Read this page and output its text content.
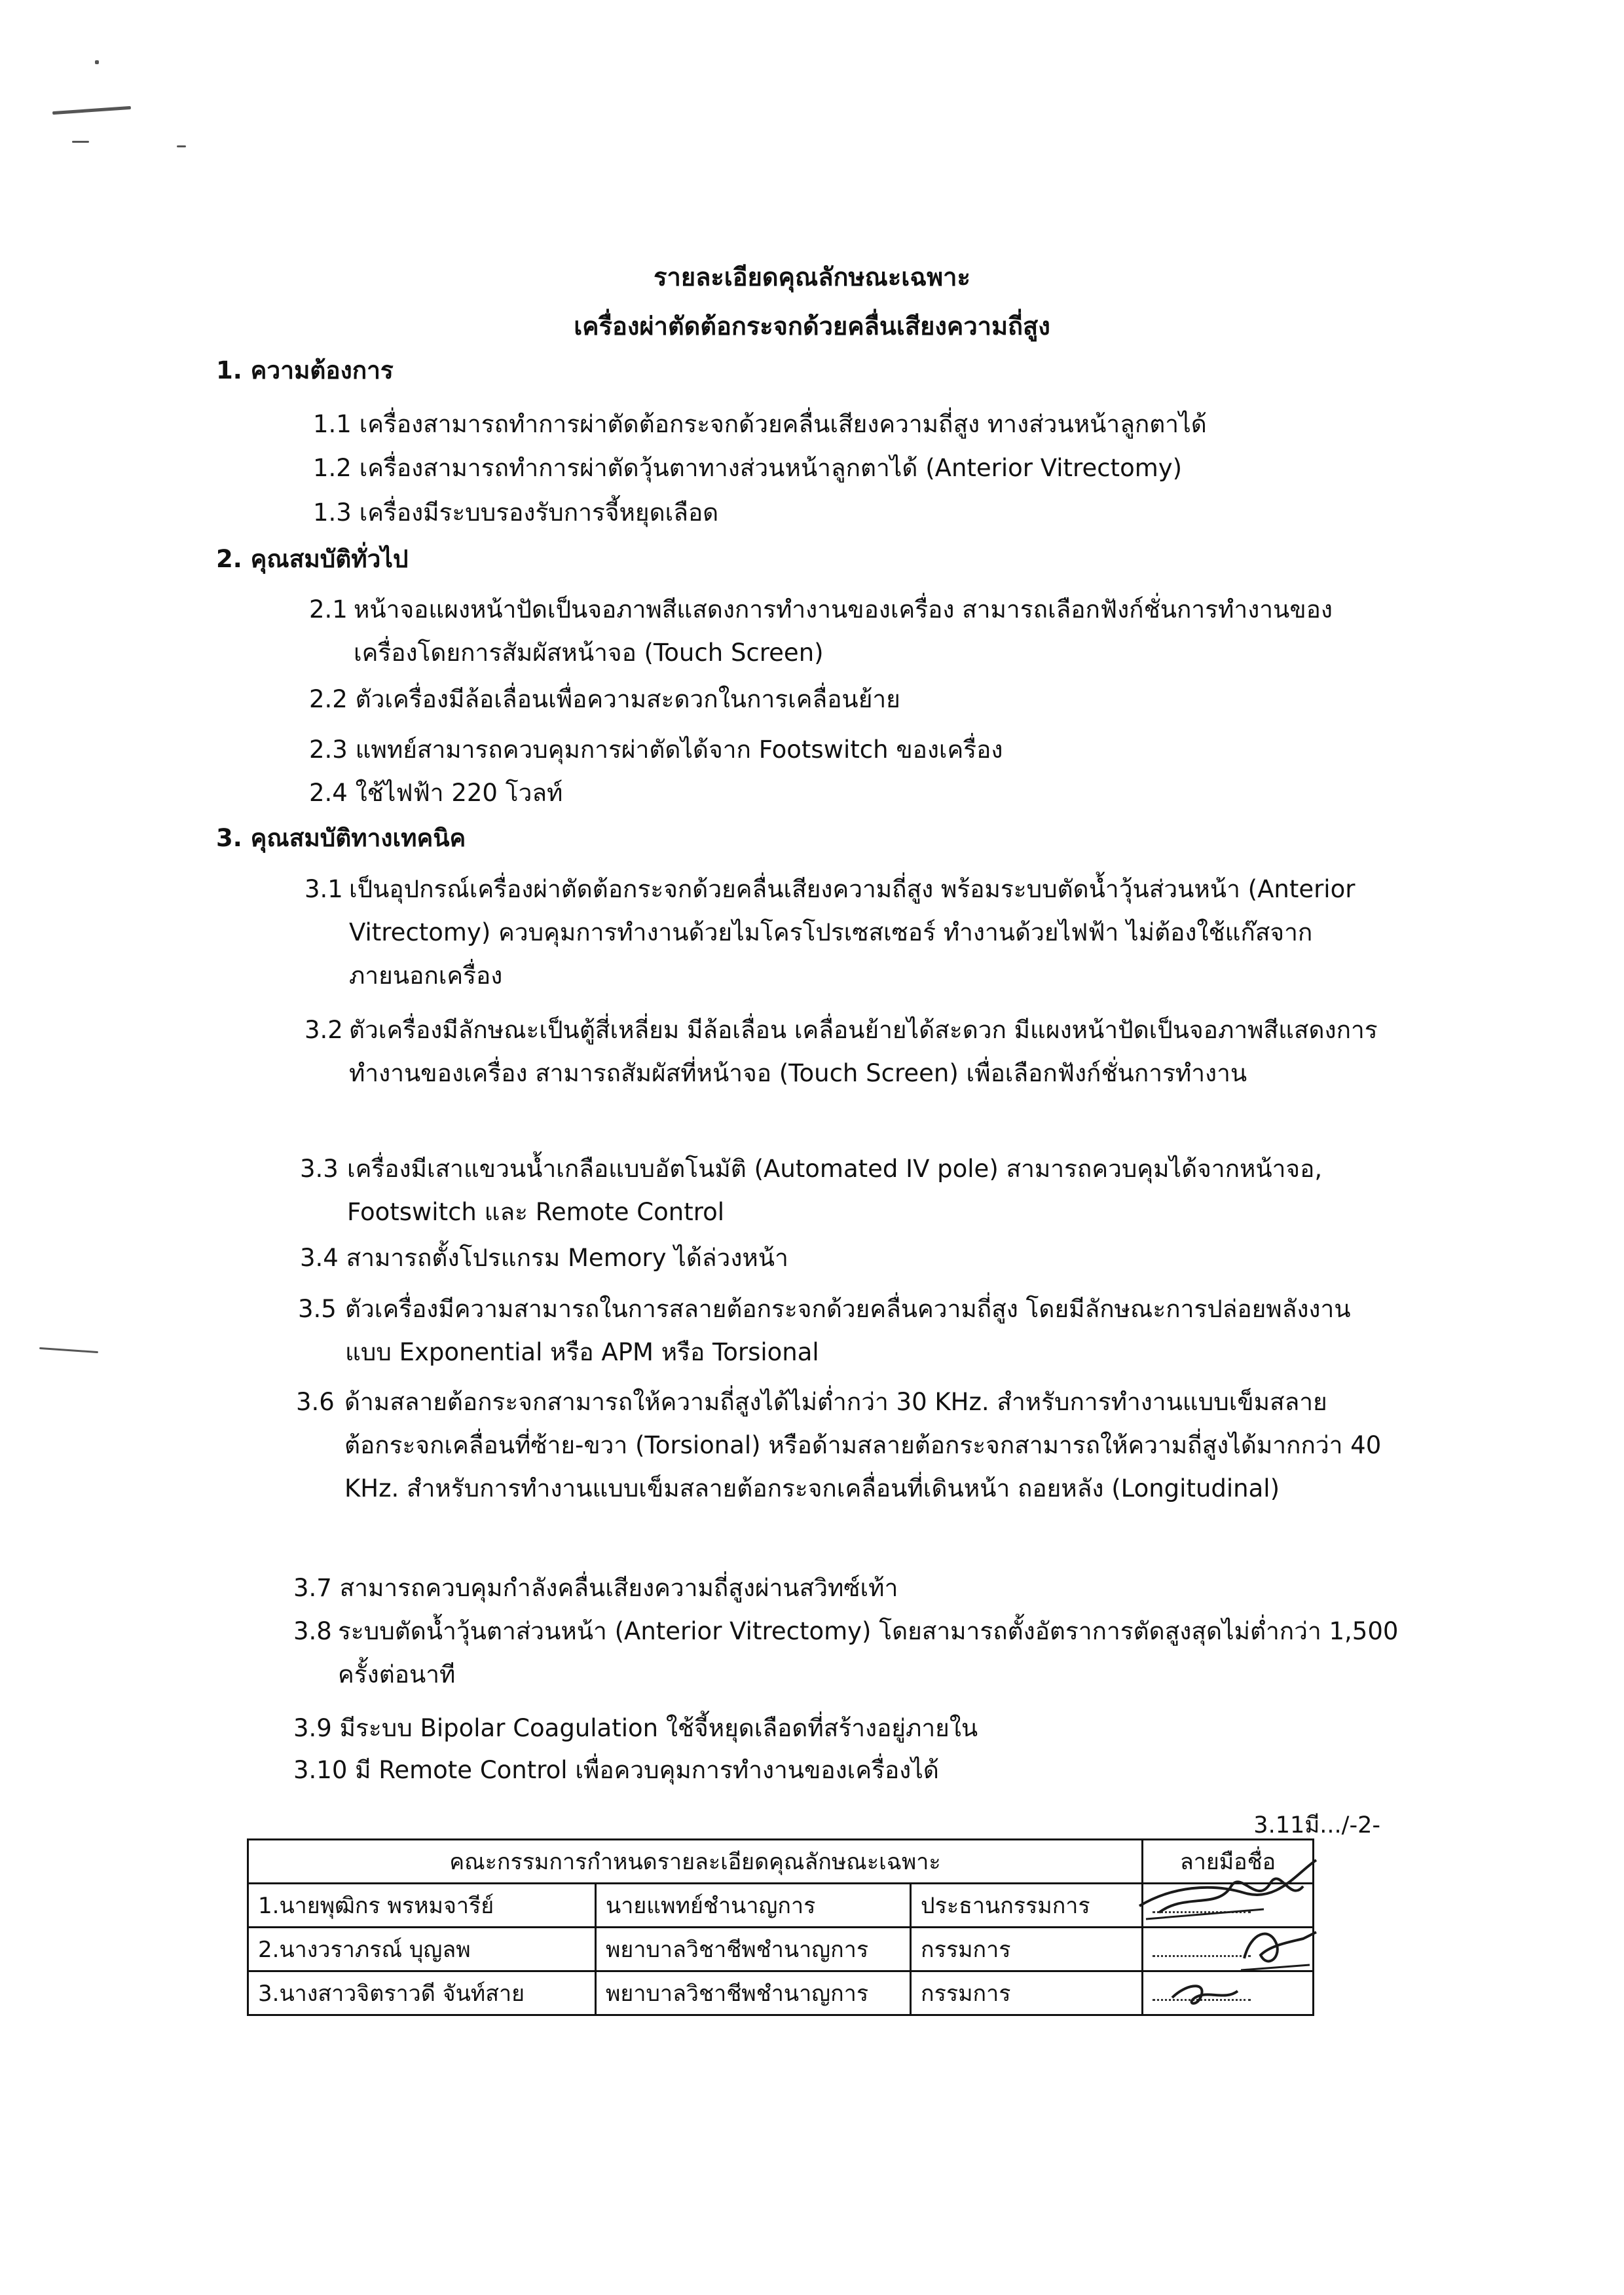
รายละเอียดคุณลักษณะเฉพาะ
เครื่องผ่าตัดต้อกระจกด้วยคลื่นเสียงความถี่สูง
1. ความต้องการ
1.1 เครื่องสามารถทำการผ่าตัดต้อกระจกด้วยคลื่นเสียงความถี่สูง ทางส่วนหน้าลูกตาได้
1.2 เครื่องสามารถทำการผ่าตัดวุ้นตาทางส่วนหน้าลูกตาได้ (Anterior Vitrectomy)
1.3 เครื่องมีระบบรองรับการจี้หยุดเลือด
2. คุณสมบัติทั่วไป
2.1 หน้าจอแผงหน้าปัดเป็นจอภาพสีแสดงการทำงานของเครื่อง สามารถเลือกฟังก์ชั่นการทำงานของเครื่องโดยการสัมผัสหน้าจอ (Touch Screen)
2.2 ตัวเครื่องมีล้อเลื่อนเพื่อความสะดวกในการเคลื่อนย้าย
2.3 แพทย์สามารถควบคุมการผ่าตัดได้จาก Footswitch ของเครื่อง
2.4 ใช้ไฟฟ้า 220 โวลท์
3. คุณสมบัติทางเทคนิค
3.1 เป็นอุปกรณ์เครื่องผ่าตัดต้อกระจกด้วยคลื่นเสียงความถี่สูง พร้อมระบบตัดน้ำวุ้นส่วนหน้า (Anterior Vitrectomy) ควบคุมการทำงานด้วยไมโครโปรเซสเซอร์ ทำงานด้วยไฟฟ้า ไม่ต้องใช้แก๊สจากภายนอกเครื่อง
3.2 ตัวเครื่องมีลักษณะเป็นตู้สี่เหลี่ยม มีล้อเลื่อน เคลื่อนย้ายได้สะดวก มีแผงหน้าปัดเป็นจอภาพสีแสดงการทำงานของเครื่อง สามารถสัมผัสที่หน้าจอ (Touch Screen) เพื่อเลือกฟังก์ชั่นการทำงาน
3.3 เครื่องมีเสาแขวนน้ำเกลือแบบอัตโนมัติ (Automated IV pole) สามารถควบคุมได้จากหน้าจอ, Footswitch และ Remote Control
3.4 สามารถตั้งโปรแกรม Memory ได้ล่วงหน้า
3.5 ตัวเครื่องมีความสามารถในการสลายต้อกระจกด้วยคลื่นความถี่สูง โดยมีลักษณะการปล่อยพลังงานแบบ Exponential หรือ APM หรือ Torsional
3.6 ด้ามสลายต้อกระจกสามารถให้ความถี่สูงได้ไม่ต่ำกว่า 30 KHz. สำหรับการทำงานแบบเข็มสลายต้อกระจกเคลื่อนที่ซ้าย-ขวา (Torsional) หรือด้ามสลายต้อกระจกสามารถให้ความถี่สูงได้มากกว่า 40 KHz. สำหรับการทำงานแบบเข็มสลายต้อกระจกเคลื่อนที่เดินหน้า ถอยหลัง (Longitudinal)
3.7 สามารถควบคุมกำลังคลื่นเสียงความถี่สูงผ่านสวิทซ์เท้า
3.8 ระบบตัดน้ำวุ้นตาส่วนหน้า (Anterior Vitrectomy) โดยสามารถตั้งอัตราการตัดสูงสุดไม่ต่ำกว่า 1,500 ครั้งต่อนาที
3.9 มีระบบ Bipolar Coagulation ใช้จี้หยุดเลือดที่สร้างอยู่ภายใน
3.10 มี Remote Control เพื่อควบคุมการทำงานของเครื่องได้
3.11มี.../-2-
คณะกรรมการกำหนดรายละเอียดคุณลักษณะเฉพาะ			ลายมือชื่อ
1.นายพุฒิกร พรหมจารีย์	นายแพทย์ชำนาญการ	ประธานกรรมการ	
2.นางวราภรณ์ บุญลพ	พยาบาลวิชาชีพชำนาญการ	กรรมการ	
3.นางสาวจิตราวดี จันท์สาย	พยาบาลวิชาชีพชำนาญการ	กรรมการ	
